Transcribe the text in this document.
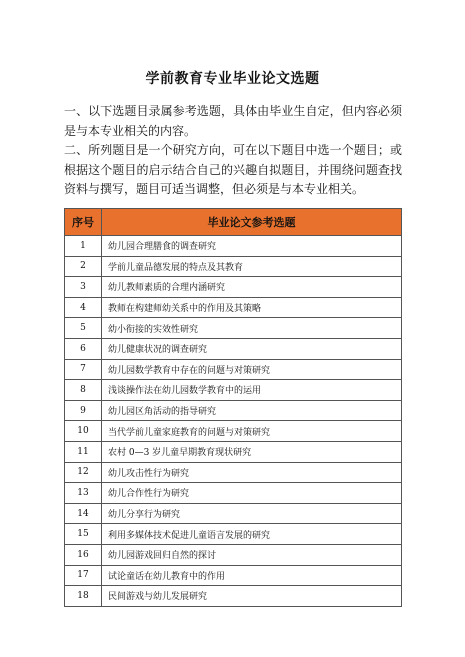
学前教育专业毕业论文选题

一、以下选题目录属参考选题，具体由毕业生自定，但内容必须是与本专业相关的内容。

二、所列题目是一个研究方向，可在以下题目中选一个题目；或根据这个题目的启示结合自己的兴趣自拟题目，并围绕问题查找资料与撰写，题目可适当调整，但必须是与本专业相关。

序号	毕业论文参考选题
1	幼儿园合理膳食的调查研究
2	学前儿童品德发展的特点及其教育
3	幼儿教师素质的合理内涵研究
4	教师在构建师幼关系中的作用及其策略
5	幼小衔接的实效性研究
6	幼儿健康状况的调查研究
7	幼儿园数学教育中存在的问题与对策研究
8	浅谈操作法在幼儿园数学教育中的运用
9	幼儿园区角活动的指导研究
10	当代学前儿童家庭教育的问题与对策研究
11	农村 0—3 岁儿童早期教育现状研究
12	幼儿攻击性行为研究
13	幼儿合作性行为研究
14	幼儿分享行为研究
15	利用多媒体技术促进儿童语言发展的研究
16	幼儿园游戏回归自然的探讨
17	试论童话在幼儿教育中的作用
18	民间游戏与幼儿发展研究
